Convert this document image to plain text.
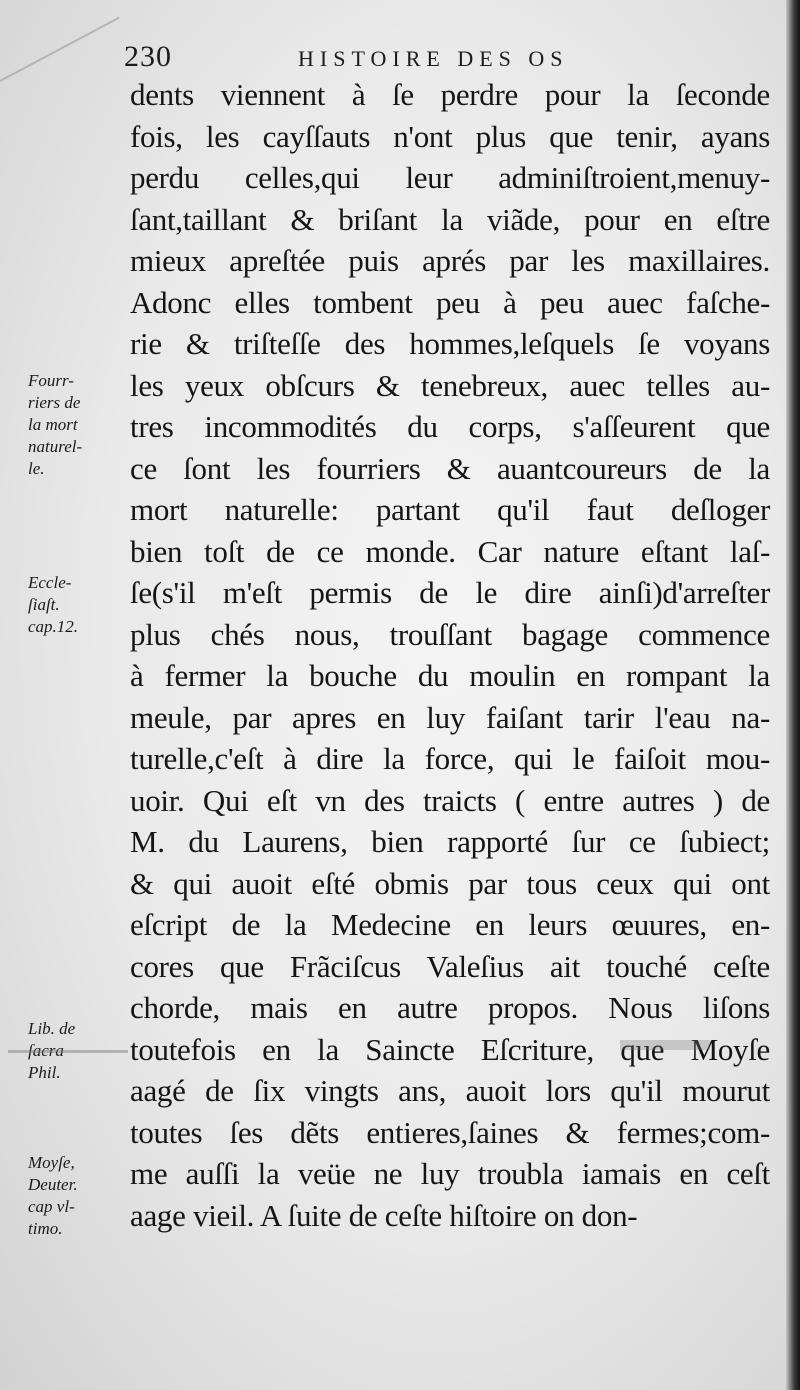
230	HISTOIRE DES OS
dents viennent à ſe perdre pour la ſeconde
fois, les cayſſauts n'ont plus que tenir, ayans
perdu celles,qui leur adminiſtroient,menuy-
ſant,taillant & briſant la viãde, pour en eſtre
mieux apreſtée puis aprés par les maxillaires.
Adonc elles tombent peu à peu auec faſche-
rie & triſteſſe des hommes,leſquels ſe voyans
les yeux obſcurs & tenebreux, auec telles au-
tres incommodités du corps, s'aſſeurent que
ce ſont les fourriers & auantcoureurs de la
mort naturelle: partant qu'il faut deſloger
bien toſt de ce monde. Car nature eſtant laſ-
ſe(s'il m'eſt permis de le dire ainſi)d'arreſter
plus chés nous, trouſſant bagage commence
à fermer la bouche du moulin en rompant la
meule, par apres en luy faiſant tarir l'eau na-
turelle,c'eſt à dire la force, qui le faiſoit mou-
uoir. Qui eſt vn des traicts ( entre autres ) de
M. du Laurens, bien rapporté ſur ce ſubiect;
& qui auoit eſté obmis par tous ceux qui ont
eſcript de la Medecine en leurs œuures, en-
cores que Frãciſcus Valeſius ait touché ceſte
chorde, mais en autre propos. Nous liſons
toutefois en la Saincte Eſcriture, que Moyſe
aagé de ſix vingts ans, auoit lors qu'il mourut
toutes ſes dẽts entieres,ſaines & fermes;com-
me auſſi la veüe ne luy troubla iamais en ceſt
aage vieil. A ſuite de ceſte hiſtoire on don-
Fourr-
riers de
la mort
naturel-
le.
Eccle-
ſiaſt.
cap.12.
Lib. de
ſacra
Phil.
Moyſe,
Deuter.
cap vl-
timo.
